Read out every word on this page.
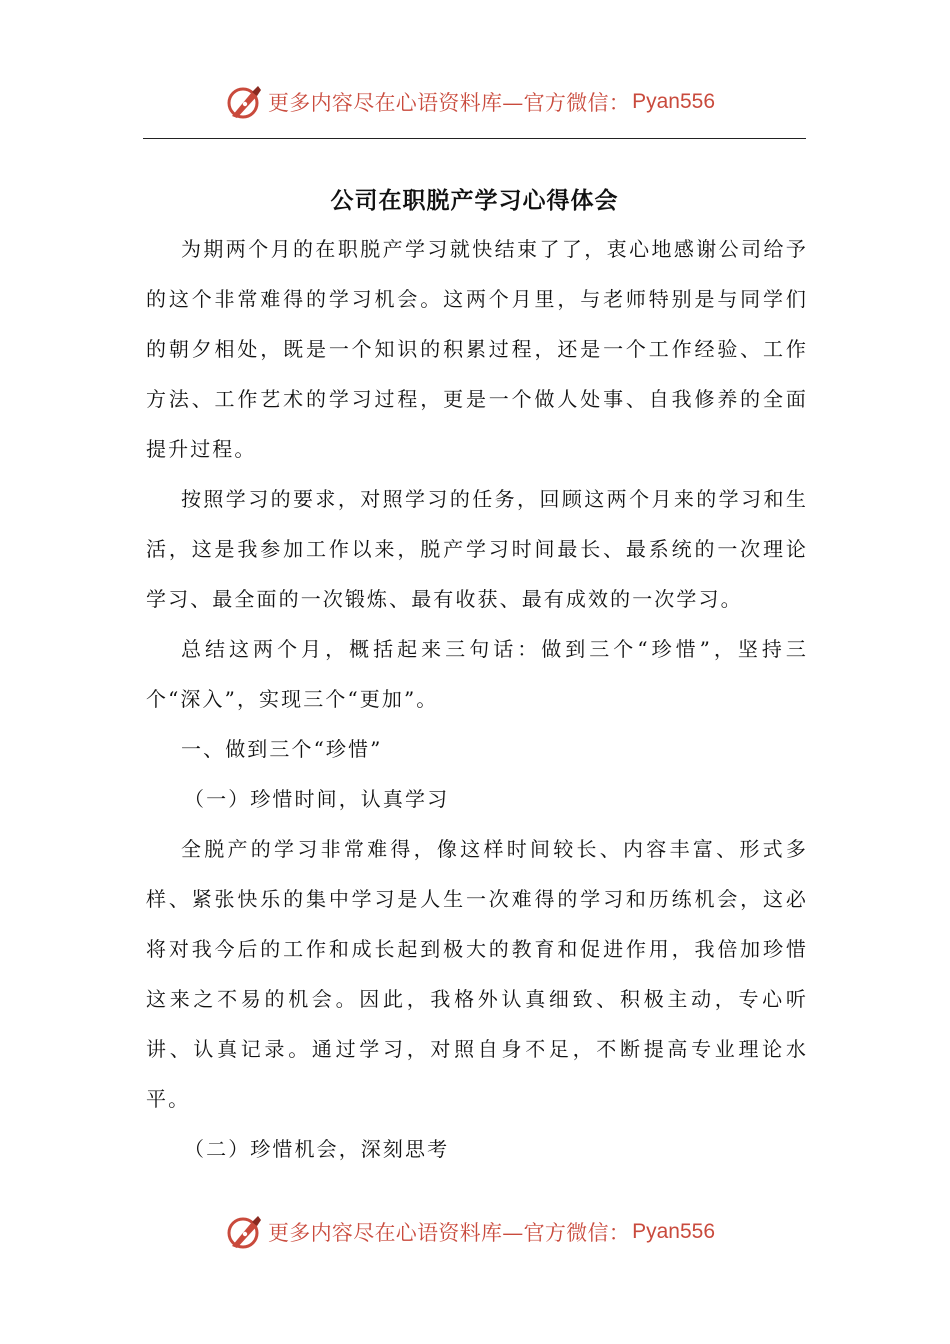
更多内容尽在心语资料库—官方微信： Pyan556
公司在职脱产学习心得体会

为期两个月的在职脱产学习就快结束了了，衷心地感谢公司给予的这个非常难得的学习机会。这两个月里，与老师特别是与同学们的朝夕相处，既是一个知识的积累过程，还是一个工作经验、工作方法、工作艺术的学习过程，更是一个做人处事、自我修养的全面提升过程。

按照学习的要求，对照学习的任务，回顾这两个月来的学习和生活，这是我参加工作以来，脱产学习时间最长、最系统的一次理论学习、最全面的一次锻炼、最有收获、最有成效的一次学习。

总结这两个月，概括起来三句话：做到三个“珍惜”，坚持三个“深入”，实现三个“更加”。

一、做到三个“珍惜”

（一）珍惜时间，认真学习

全脱产的学习非常难得，像这样时间较长、内容丰富、形式多样、紧张快乐的集中学习是人生一次难得的学习和历练机会，这必将对我今后的工作和成长起到极大的教育和促进作用，我倍加珍惜这来之不易的机会。因此，我格外认真细致、积极主动，专心听讲、认真记录。通过学习，对照自身不足，不断提高专业理论水平。

（二）珍惜机会，深刻思考

更多内容尽在心语资料库—官方微信： Pyan556
